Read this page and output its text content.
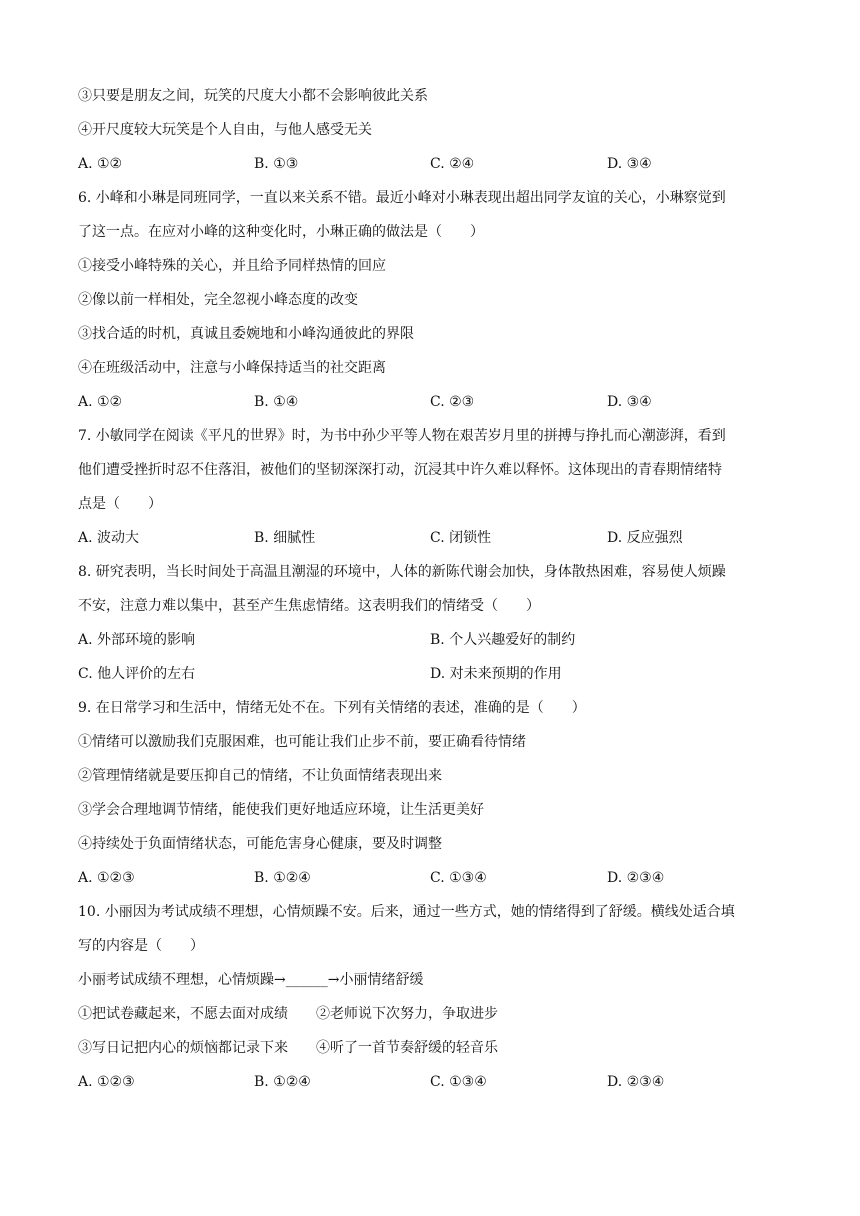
③只要是朋友之间，玩笑的尺度大小都不会影响彼此关系
④开尺度较大玩笑是个人自由，与他人感受无关
A. ①②	B. ①③	C. ②④	D. ③④
6. 小峰和小琳是同班同学，一直以来关系不错。最近小峰对小琳表现出超出同学友谊的关心，小琳察觉到
了这一点。在应对小峰的这种变化时，小琳正确的做法是（　　）
①接受小峰特殊的关心，并且给予同样热情的回应
②像以前一样相处，完全忽视小峰态度的改变
③找合适的时机，真诚且委婉地和小峰沟通彼此的界限
④在班级活动中，注意与小峰保持适当的社交距离
A. ①②	B. ①④	C. ②③	D. ③④
7. 小敏同学在阅读《平凡的世界》时，为书中孙少平等人物在艰苦岁月里的拼搏与挣扎而心潮澎湃，看到
他们遭受挫折时忍不住落泪，被他们的坚韧深深打动，沉浸其中许久难以释怀。这体现出的青春期情绪特
点是（　　）
A. 波动大	B. 细腻性	C. 闭锁性	D. 反应强烈
8. 研究表明，当长时间处于高温且潮湿的环境中，人体的新陈代谢会加快，身体散热困难，容易使人烦躁
不安，注意力难以集中，甚至产生焦虑情绪。这表明我们的情绪受（　　）
A. 外部环境的影响	B. 个人兴趣爱好的制约
C. 他人评价的左右	D. 对未来预期的作用
9. 在日常学习和生活中，情绪无处不在。下列有关情绪的表述，准确的是（　　）
①情绪可以激励我们克服困难，也可能让我们止步不前，要正确看待情绪
②管理情绪就是要压抑自己的情绪，不让负面情绪表现出来
③学会合理地调节情绪，能使我们更好地适应环境，让生活更美好
④持续处于负面情绪状态，可能危害身心健康，要及时调整
A. ①②③	B. ①②④	C. ①③④	D. ②③④
10. 小丽因为考试成绩不理想，心情烦躁不安。后来，通过一些方式，她的情绪得到了舒缓。横线处适合填
写的内容是（　　）
小丽考试成绩不理想，心情烦躁→______→小丽情绪舒缓
①把试卷藏起来，不愿去面对成绩　　②老师说下次努力，争取进步
③写日记把内心的烦恼都记录下来　　④听了一首节奏舒缓的轻音乐
A. ①②③	B. ①②④	C. ①③④	D. ②③④
